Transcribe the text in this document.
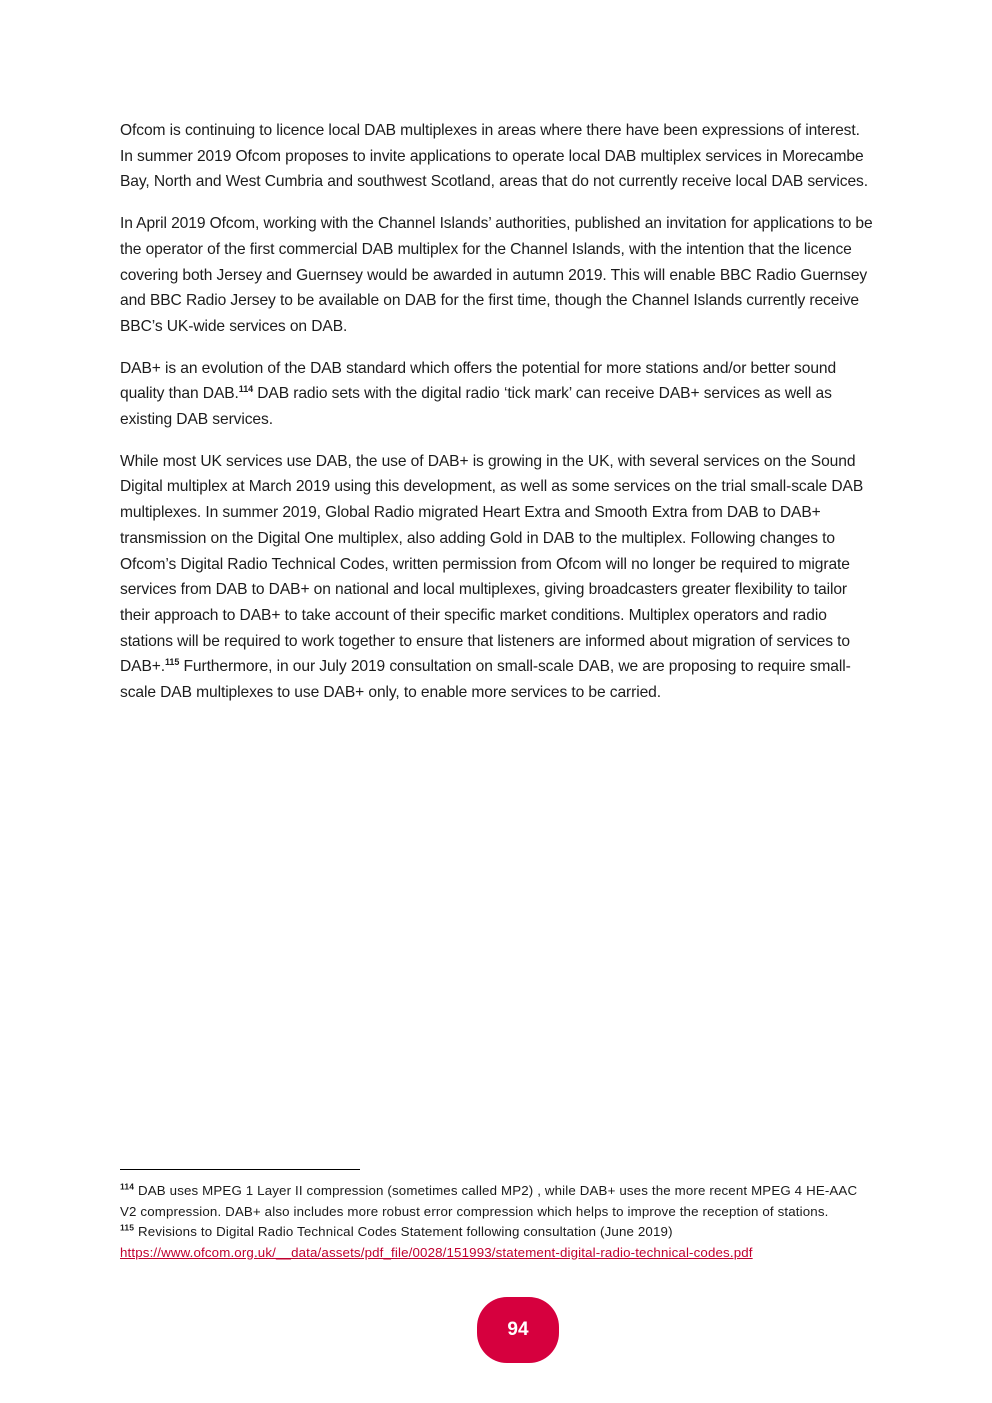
Ofcom is continuing to licence local DAB multiplexes in areas where there have been expressions of interest. In summer 2019 Ofcom proposes to invite applications to operate local DAB multiplex services in Morecambe Bay, North and West Cumbria and southwest Scotland, areas that do not currently receive local DAB services.

In April 2019 Ofcom, working with the Channel Islands’ authorities, published an invitation for applications to be the operator of the first commercial DAB multiplex for the Channel Islands, with the intention that the licence covering both Jersey and Guernsey would be awarded in autumn 2019. This will enable BBC Radio Guernsey and BBC Radio Jersey to be available on DAB for the first time, though the Channel Islands currently receive BBC’s UK-wide services on DAB.

DAB+ is an evolution of the DAB standard which offers the potential for more stations and/or better sound quality than DAB.$^{114}$ DAB radio sets with the digital radio ‘tick mark’ can receive DAB+ services as well as existing DAB services.

While most UK services use DAB, the use of DAB+ is growing in the UK, with several services on the Sound Digital multiplex at March 2019 using this development, as well as some services on the trial small-scale DAB multiplexes. In summer 2019, Global Radio migrated Heart Extra and Smooth Extra from DAB to DAB+ transmission on the Digital One multiplex, also adding Gold in DAB to the multiplex. Following changes to Ofcom’s Digital Radio Technical Codes, written permission from Ofcom will no longer be required to migrate services from DAB to DAB+ on national and local multiplexes, giving broadcasters greater flexibility to tailor their approach to DAB+ to take account of their specific market conditions. Multiplex operators and radio stations will be required to work together to ensure that listeners are informed about migration of services to DAB+.$^{115}$ Furthermore, in our July 2019 consultation on small-scale DAB, we are proposing to require small-scale DAB multiplexes to use DAB+ only, to enable more services to be carried.

$^{114}$ DAB uses MPEG 1 Layer II compression (sometimes called MP2) , while DAB+ uses the more recent MPEG 4 HE-AAC V2 compression. DAB+ also includes more robust error compression which helps to improve the reception of stations.

$^{115}$ Revisions to Digital Radio Technical Codes Statement following consultation (June 2019)

https://www.ofcom.org.uk/__data/assets/pdf_file/0028/151993/statement-digital-radio-technical-codes.pdf

94
